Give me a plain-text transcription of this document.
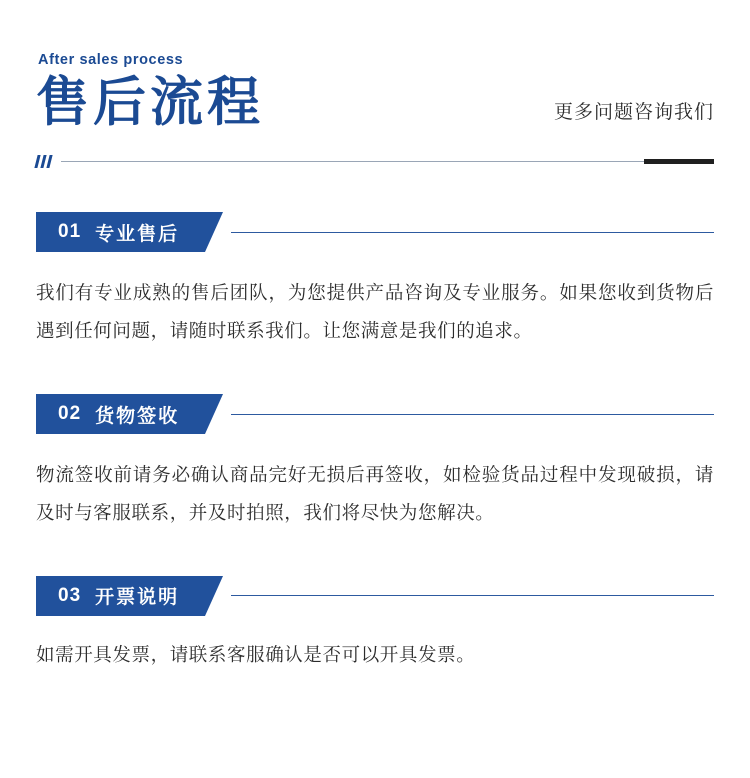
After sales process
售后流程	更多问题咨询我们
01 专业售后

我们有专业成熟的售后团队，为您提供产品咨询及专业服务。如果您收到货物后遇到任何问题，请随时联系我们。让您满意是我们的追求。

02 货物签收

物流签收前请务必确认商品完好无损后再签收，如检验货品过程中发现破损，请及时与客服联系，并及时拍照，我们将尽快为您解决。

03 开票说明

如需开具发票，请联系客服确认是否可以开具发票。
